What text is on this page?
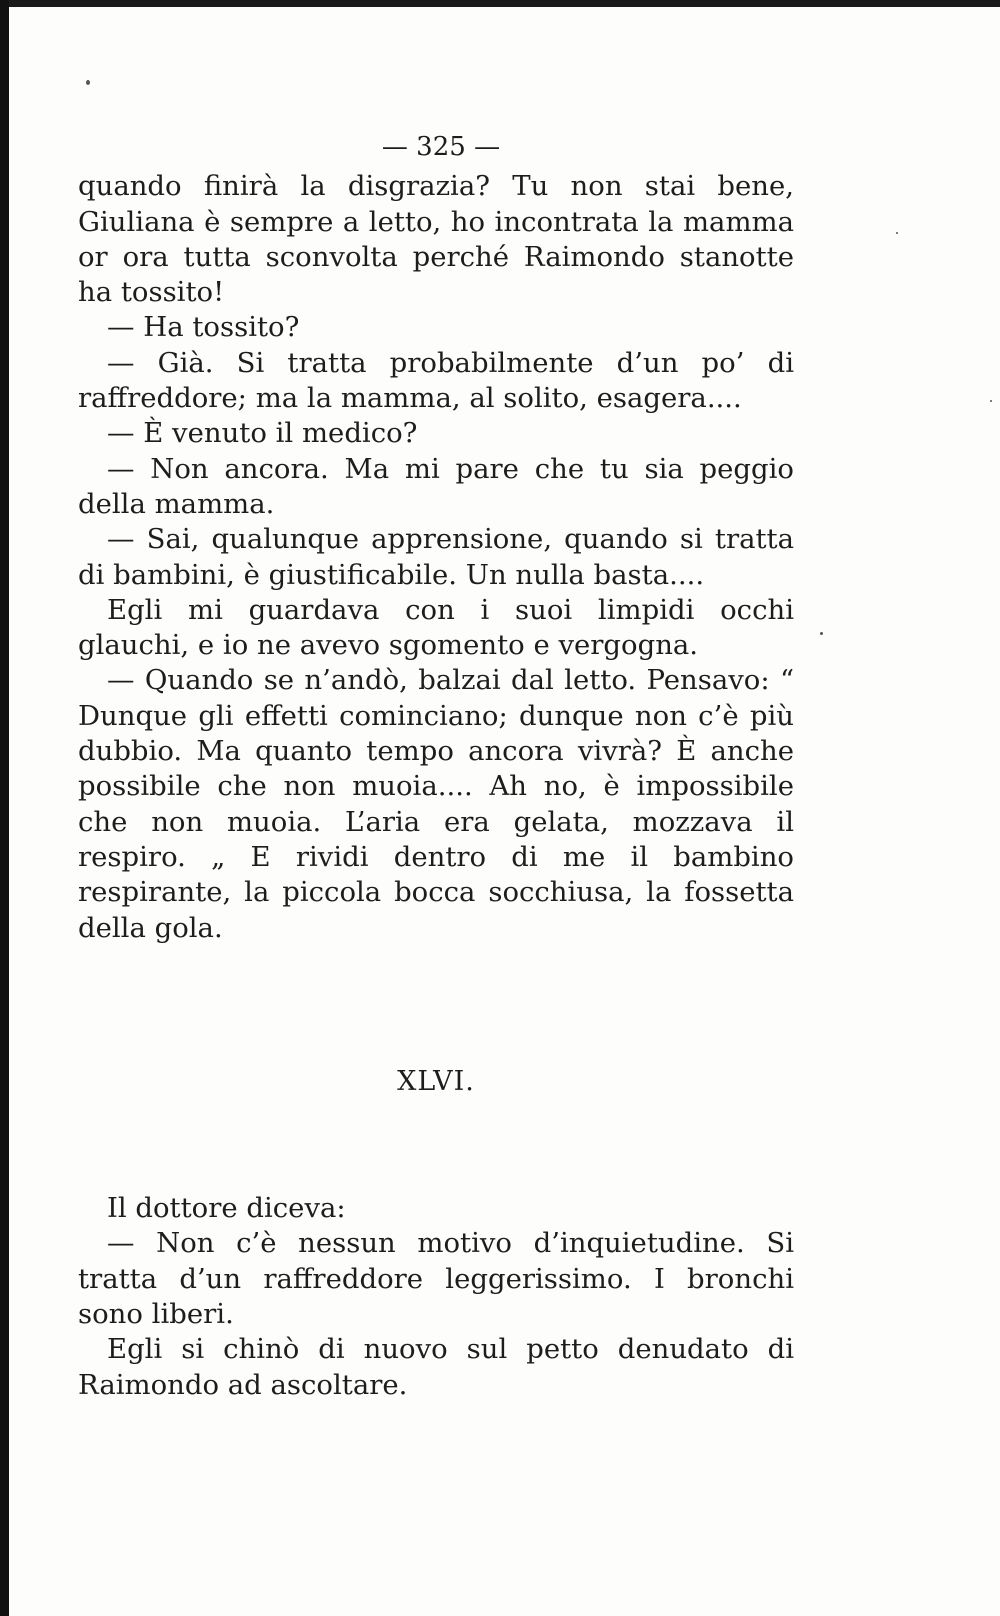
— 325 —

quando finirà la disgrazia? Tu non stai bene, Giuliana è sempre a letto, ho incontrata la mamma or ora tutta sconvolta perché Raimondo stanotte ha tossito!

— Ha tossito?

— Già. Si tratta probabilmente d’un po’ di raffreddore; ma la mamma, al solito, esagera....

— È venuto il medico?

— Non ancora. Ma mi pare che tu sia peggio della mamma.

— Sai, qualunque apprensione, quando si tratta di bambini, è giustificabile. Un nulla basta....

Egli mi guardava con i suoi limpidi occhi glauchi, e io ne avevo sgomento e vergogna.

— Quando se n’andò, balzai dal letto. Pensavo: “ Dunque gli effetti cominciano; dunque non c’è più dubbio. Ma quanto tempo ancora vivrà? È anche possibile che non muoia.... Ah no, è impossibile che non muoia. L’aria era gelata, mozzava il respiro. „ E rividi dentro di me il bambino respirante, la piccola bocca socchiusa, la fossetta della gola.

XLVI.

Il dottore diceva:

— Non c’è nessun motivo d’inquietudine. Si tratta d’un raffreddore leggerissimo. I bronchi sono liberi.

Egli si chinò di nuovo sul petto denudato di Raimondo ad ascoltare.
